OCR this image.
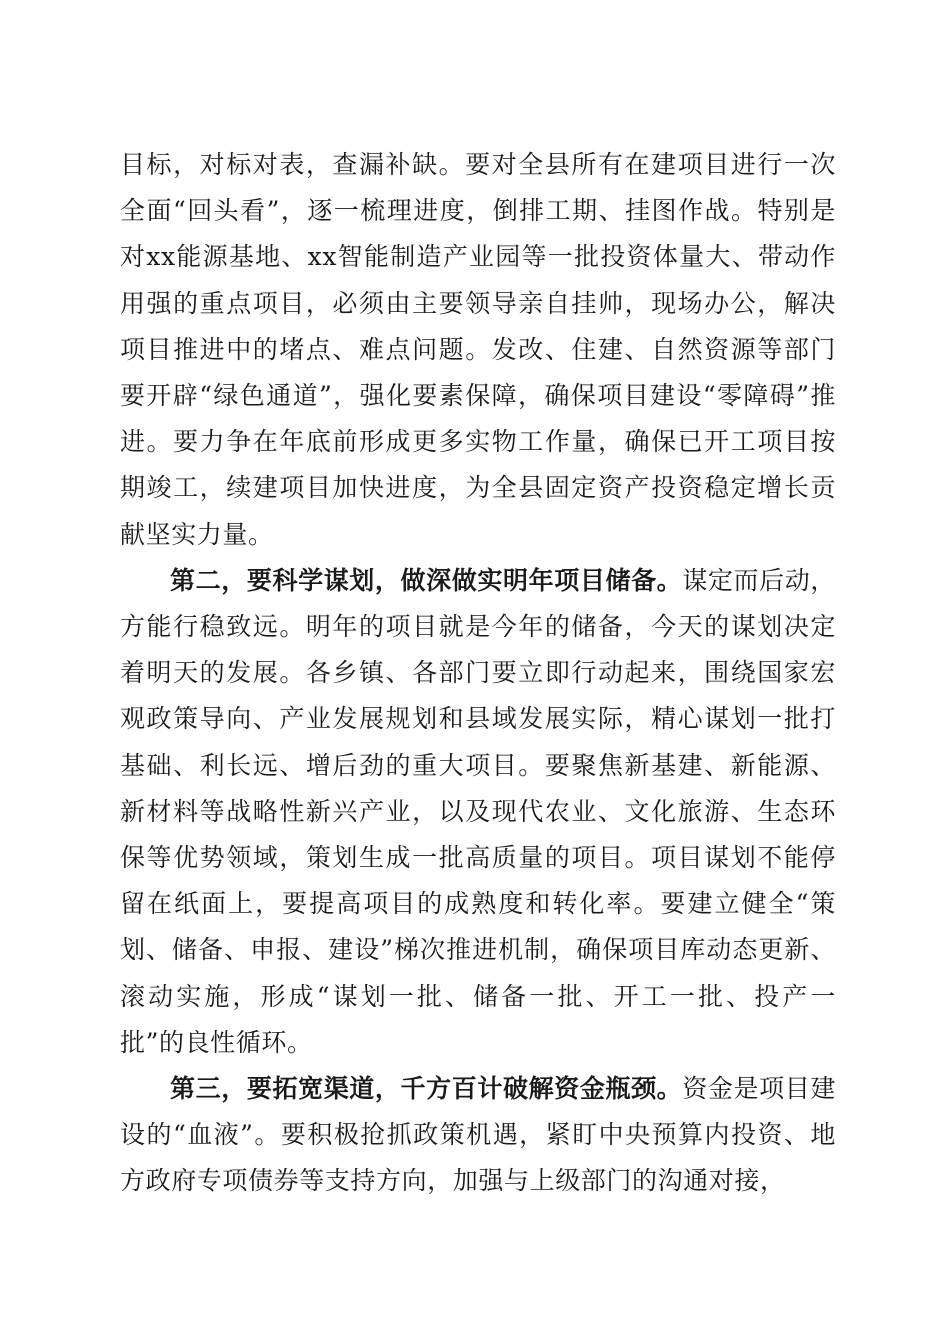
目标，对标对表，查漏补缺。要对全县所有在建项目进行一次全面“回头看”，逐一梳理进度，倒排工期、挂图作战。特别是对xx能源基地、xx智能制造产业园等一批投资体量大、带动作用强的重点项目，必须由主要领导亲自挂帅，现场办公，解决项目推进中的堵点、难点问题。发改、住建、自然资源等部门要开辟“绿色通道”，强化要素保障，确保项目建设“零障碍”推进。要力争在年底前形成更多实物工作量，确保已开工项目按期竣工，续建项目加快进度，为全县固定资产投资稳定增长贡献坚实力量。

第二，要科学谋划，做深做实明年项目储备。谋定而后动，方能行稳致远。明年的项目就是今年的储备，今天的谋划决定着明天的发展。各乡镇、各部门要立即行动起来，围绕国家宏观政策导向、产业发展规划和县域发展实际，精心谋划一批打基础、利长远、增后劲的重大项目。要聚焦新基建、新能源、新材料等战略性新兴产业，以及现代农业、文化旅游、生态环保等优势领域，策划生成一批高质量的项目。项目谋划不能停留在纸面上，要提高项目的成熟度和转化率。要建立健全“策划、储备、申报、建设”梯次推进机制，确保项目库动态更新、滚动实施，形成“谋划一批、储备一批、开工一批、投产一批”的良性循环。

第三，要拓宽渠道，千方百计破解资金瓶颈。资金是项目建设的“血液”。要积极抢抓政策机遇，紧盯中央预算内投资、地方政府专项债券等支持方向，加强与上级部门的沟通对接，
